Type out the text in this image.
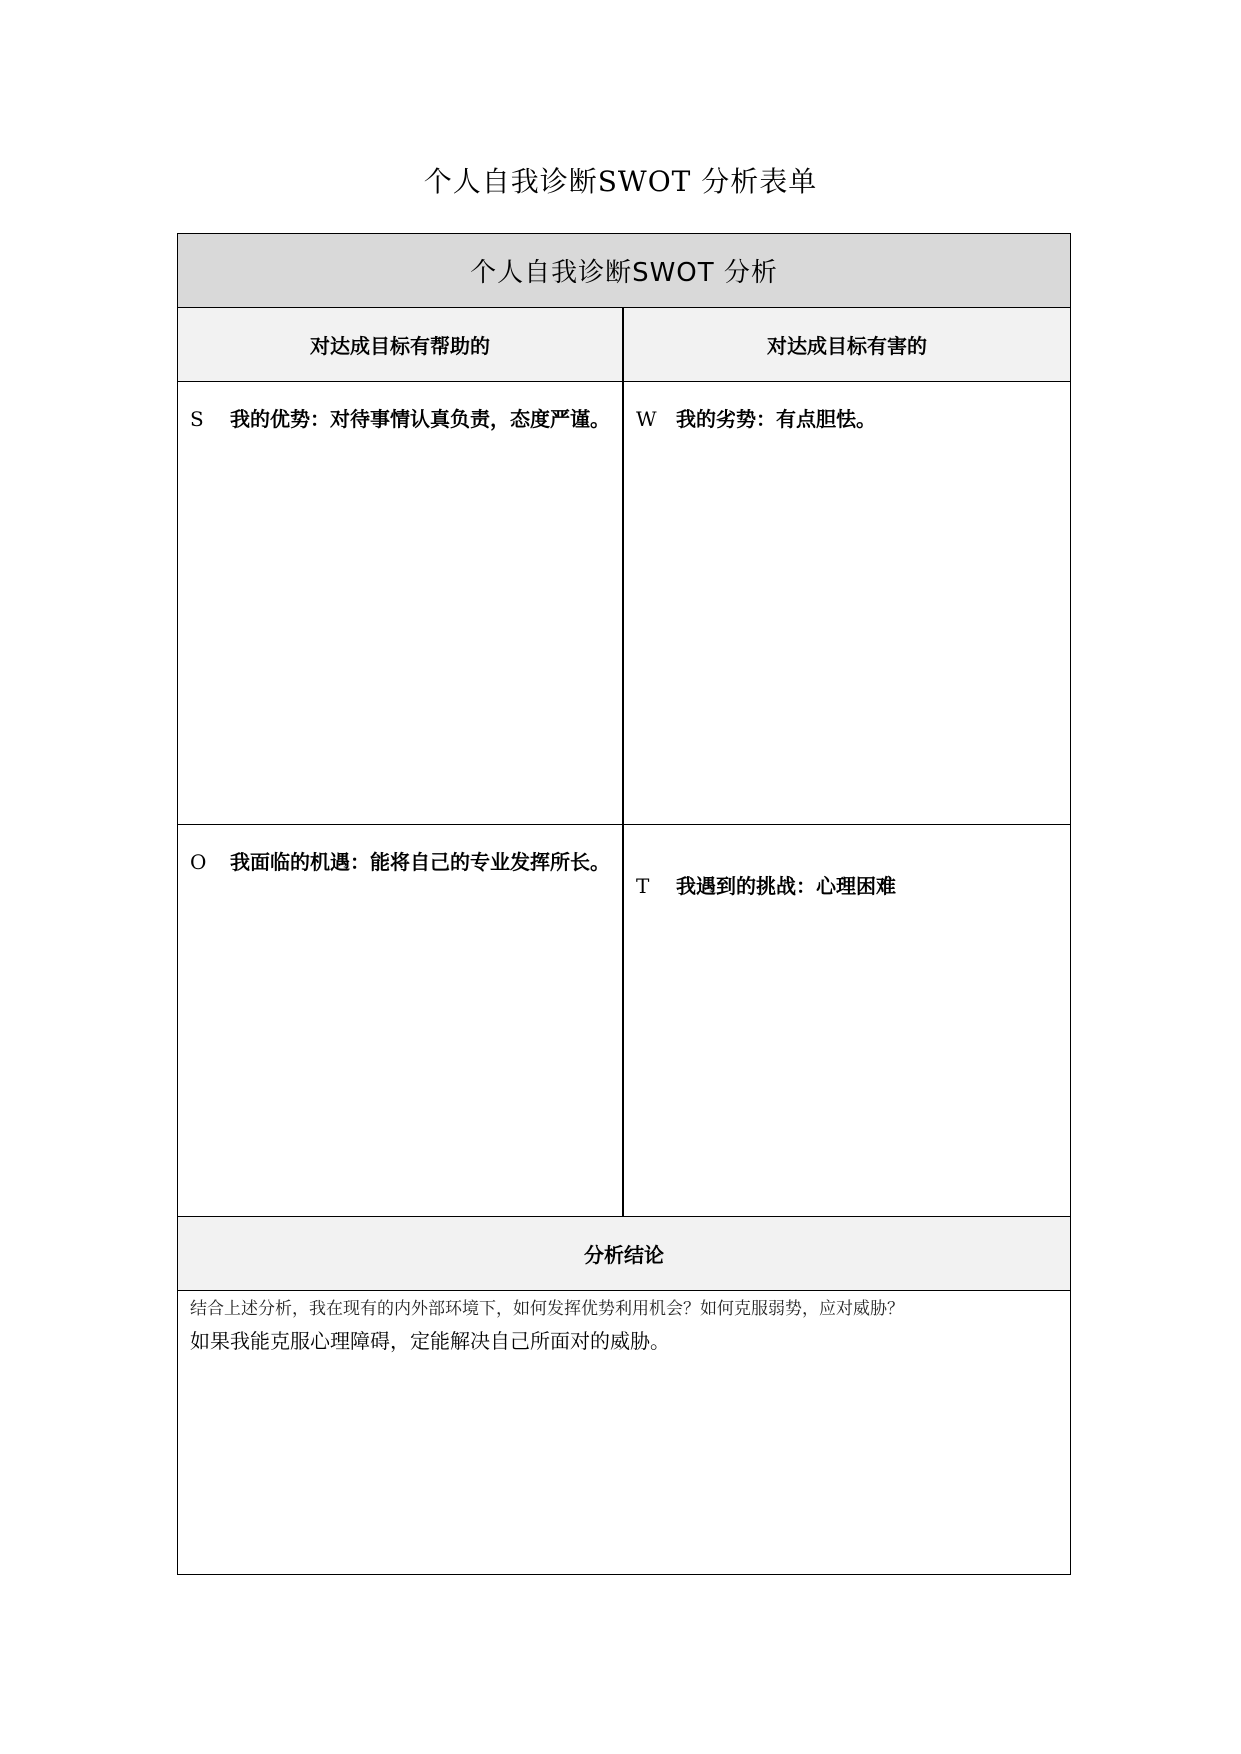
个人自我诊断SWOT 分析表单
个人自我诊断SWOT 分析
对达成目标有帮助的	对达成目标有害的
S 我的优势：对待事情认真负责，态度严谨。	W 我的劣势：有点胆怯。
O 我面临的机遇：能将自己的专业发挥所长。
T 我遇到的挑战：心理困难
分析结论
结合上述分析，我在现有的内外部环境下，如何发挥优势利用机会？如何克服弱势，应对威胁？
如果我能克服心理障碍，定能解决自己所面对的威胁。
